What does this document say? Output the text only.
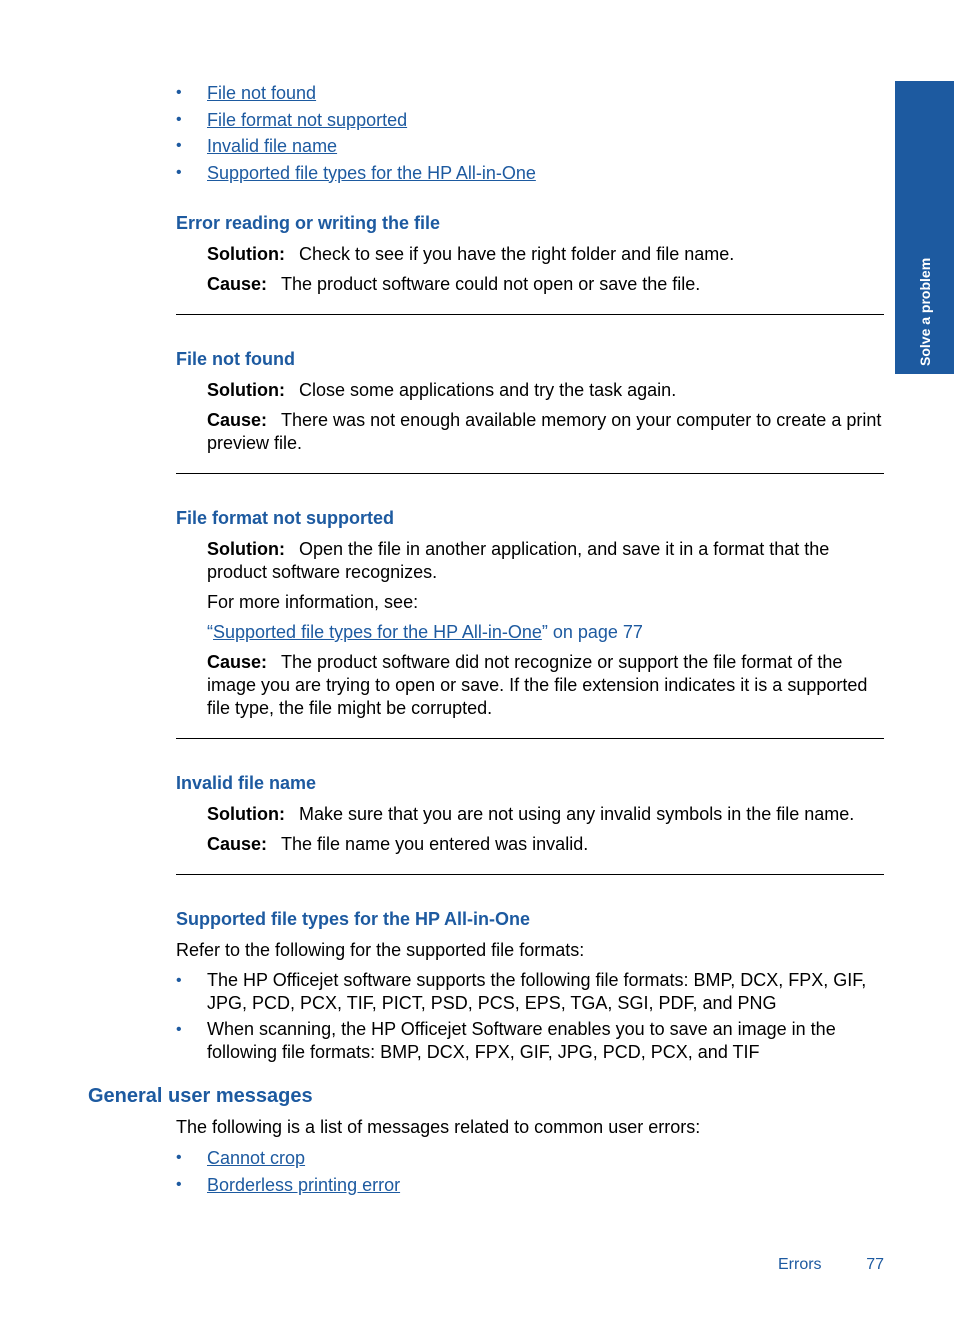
Solve a problem
General user messages
• File not found
• File format not supported
• Invalid file name
• Supported file types for the HP All-in-One
Error reading or writing the file

Solution: Check to see if you have the right folder and file name.

Cause: The product software could not open or save the file.

File not found

Solution: Close some applications and try the task again.

Cause: There was not enough available memory on your computer to create a print preview file.

File format not supported

Solution: Open the file in another application, and save it in a format that the product software recognizes.

For more information, see:

“Supported file types for the HP All-in-One” on page 77

Cause: The product software did not recognize or support the file format of the image you are trying to open or save. If the file extension indicates it is a supported file type, the file might be corrupted.

Invalid file name

Solution: Make sure that you are not using any invalid symbols in the file name.

Cause: The file name you entered was invalid.

Supported file types for the HP All-in-One

Refer to the following for the supported file formats:

• The HP Officejet software supports the following file formats: BMP, DCX, FPX, GIF, JPG, PCD, PCX, TIF, PICT, PSD, PCS, EPS, TGA, SGI, PDF, and PNG
• When scanning, the HP Officejet Software enables you to save an image in the following file formats: BMP, DCX, FPX, GIF, JPG, PCD, PCX, and TIF

The following is a list of messages related to common user errors:

• Cannot crop
• Borderless printing error
Errors	77
